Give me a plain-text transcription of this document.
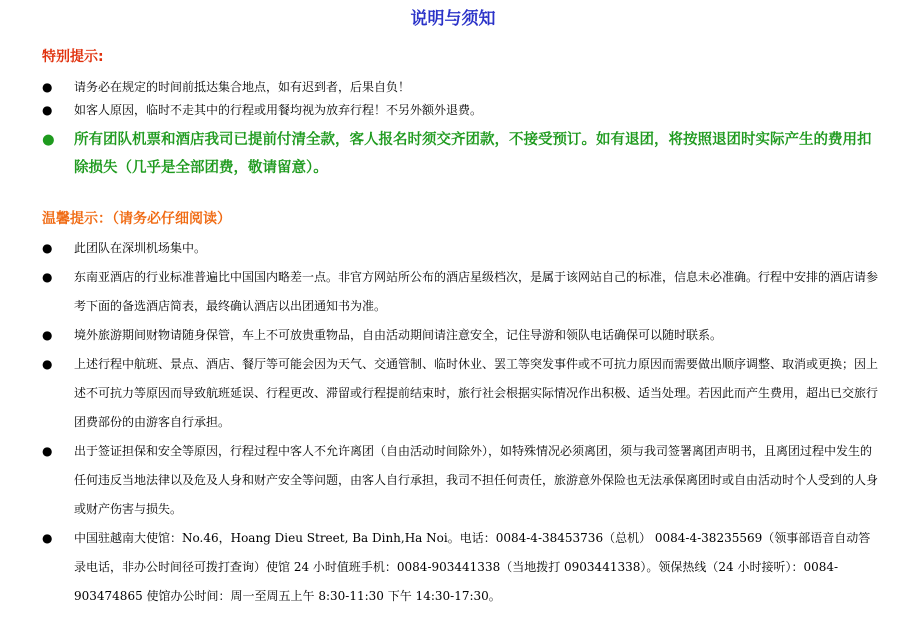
说明与须知
特别提示:
● 请务必在规定的时间前抵达集合地点，如有迟到者，后果自负！
● 如客人原因，临时不走其中的行程或用餐均视为放弃行程！不另外额外退费。
● 所有团队机票和酒店我司已提前付清全款，客人报名时须交齐团款，不接受预订。如有退团，将按照退团时实际产生的费用扣除损失（几乎是全部团费，敬请留意）。
温馨提示：（请务必仔细阅读）
● 此团队在深圳机场集中。
● 东南亚酒店的行业标准普遍比中国国内略差一点。非官方网站所公布的酒店星级档次，是属于该网站自己的标准，信息未必准确。行程中安排的酒店请参考下面的备选酒店简表，最终确认酒店以出团通知书为准。
● 境外旅游期间财物请随身保管，车上不可放贵重物品，自由活动期间请注意安全，记住导游和领队电话确保可以随时联系。
● 上述行程中航班、景点、酒店、餐厅等可能会因为天气、交通管制、临时休业、罢工等突发事件或不可抗力原因而需要做出顺序调整、取消或更换；因上述不可抗力等原因而导致航班延误、行程更改、滞留或行程提前结束时，旅行社会根据实际情况作出积极、适当处理。若因此而产生费用，超出已交旅行团费部份的由游客自行承担。
● 出于签证担保和安全等原因，行程过程中客人不允许离团（自由活动时间除外），如特殊情况必须离团，须与我司签署离团声明书，且离团过程中发生的任何违反当地法律以及危及人身和财产安全等问题，由客人自行承担，我司不担任何责任，旅游意外保险也无法承保离团时或自由活动时个人受到的人身或财产伤害与损失。
● 中国驻越南大使馆：No.46，Hoang Dieu Street, Ba Dinh,Ha Noi。电话：0084-4-38453736（总机） 0084-4-38235569（领事部语音自动答录电话，非办公时间径可拨打查询）使馆 24 小时值班手机：0084-903441338（当地拨打 0903441338）。领保热线（24 小时接听）：0084-903474865 使馆办公时间：周一至周五上午 8:30-11:30 下午 14:30-17:30。
